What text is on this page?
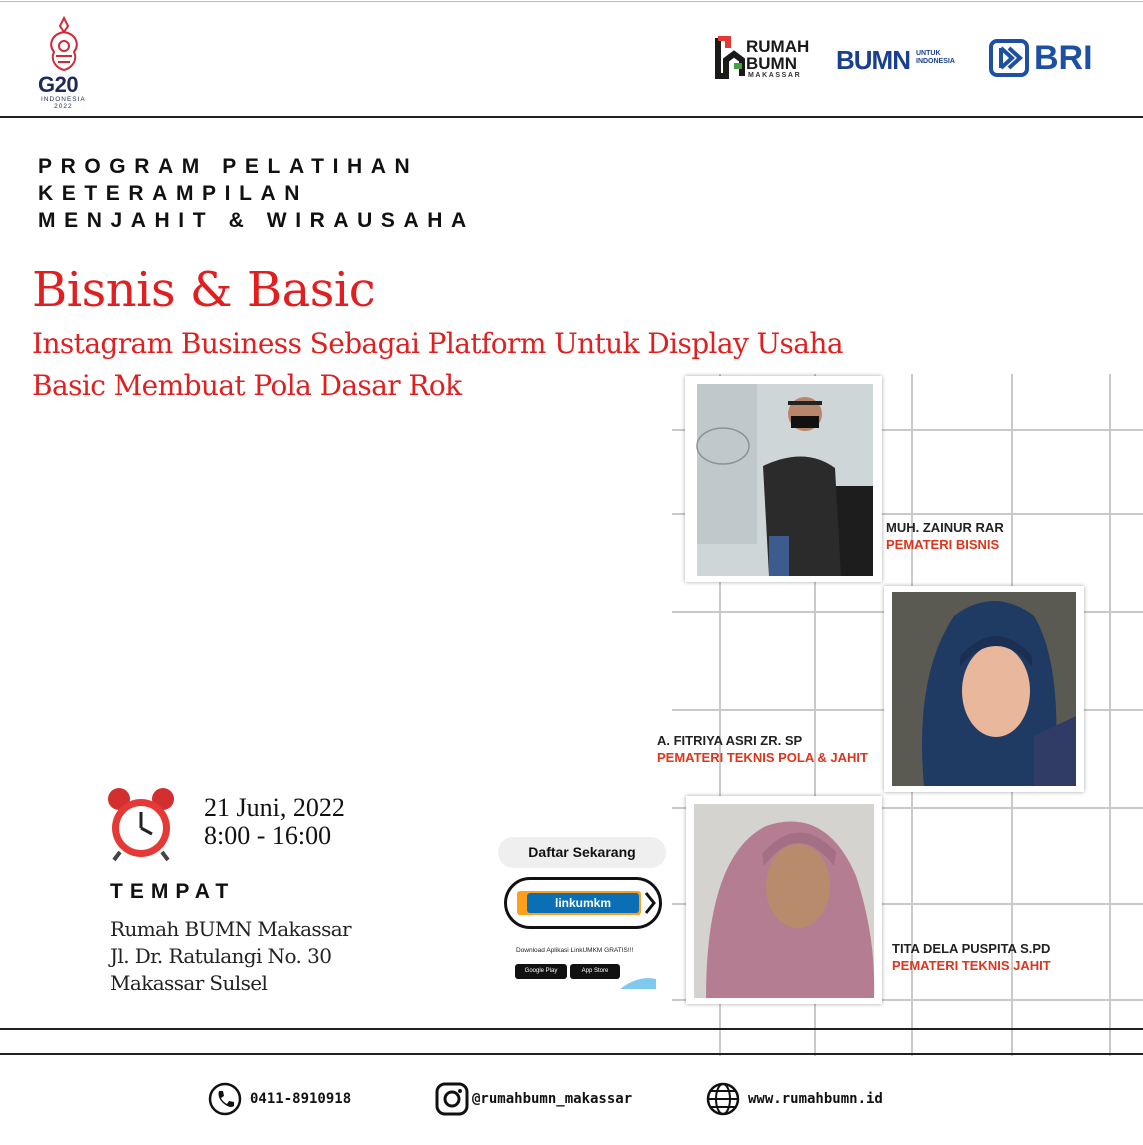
G20
INDONESIA
2022
RUMAH
BUMN
MAKASSAR
BUMN UNTUK
INDONESIA BRI
PROGRAM PELATIHAN
KETERAMPILAN
MENJAHIT & WIRAUSAHA
Bisnis & Basic
Instagram Business Sebagai Platform Untuk Display Usaha
Basic Membuat Pola Dasar Rok
MUH. ZAINUR RAR
PEMATERI BISNIS
A. FITRIYA ASRI ZR. SP
PEMATERI TEKNIS POLA & JAHIT
TITA DELA PUSPITA S.PD
PEMATERI TEKNIS JAHIT
21 Juni, 2022
8:00 - 16:00
TEMPAT
Rumah BUMN Makassar
Jl. Dr. Ratulangi No. 30
Makassar Sulsel
Daftar Sekarang
linkumkm
Download Aplikasi LinkUMKM GRATIS!!!
Google Play	App Store
0411-8910918	@rumahbumn_makassar	www.rumahbumn.id
